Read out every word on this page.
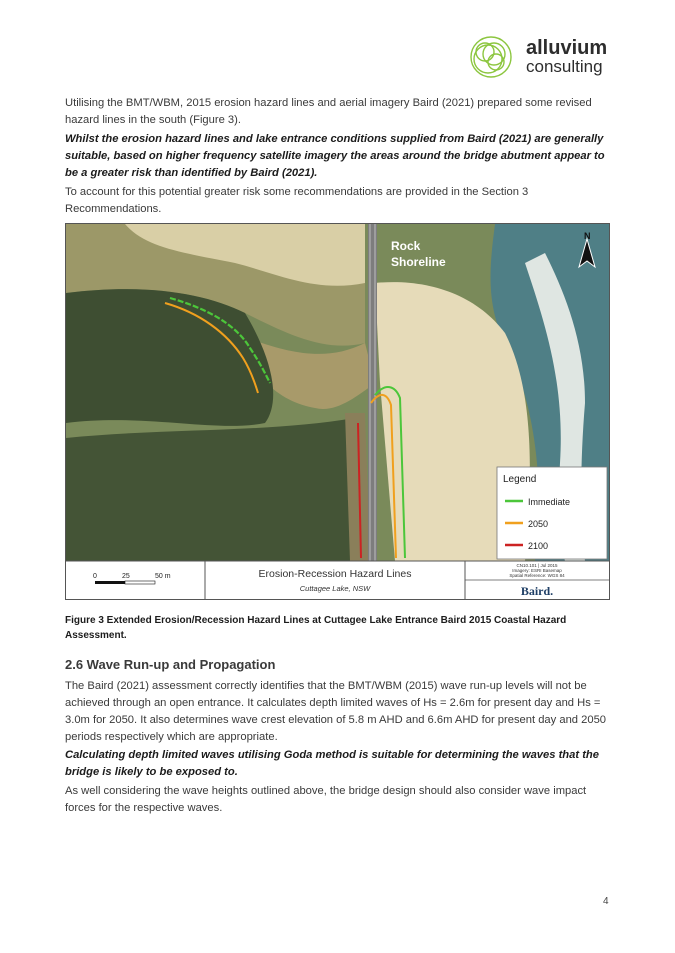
alluvium
consulting
Utilising the BMT/WBM, 2015 erosion hazard lines and aerial imagery Baird (2021) prepared some revised hazard lines in the south (Figure 3).
Whilst the erosion hazard lines and lake entrance conditions supplied from Baird (2021) are generally suitable, based on higher frequency satellite imagery the areas around the bridge abutment appear to be a greater risk than identified by Baird (2021).
To account for this potential greater risk some recommendations are provided in the Section 3 Recommendations.
Rock
Shoreline
N
Legend
Immediate
2050
2100
0	25	50 m	Erosion-Recession Hazard Lines
Cuttagee Lake, NSW
CN10.101 | Jul 2015
Imagery: ESRI Basemap
Spatial Reference: WGS 84
Baird.
Figure 3 Extended Erosion/Recession Hazard Lines at Cuttagee Lake Entrance Baird 2015 Coastal Hazard Assessment.
2.6 Wave Run-up and Propagation
The Baird (2021) assessment correctly identifies that the BMT/WBM (2015) wave run-up levels will not be achieved through an open entrance. It calculates depth limited waves of Hs = 2.6m for present day and Hs = 3.0m for 2050. It also determines wave crest elevation of 5.8 m AHD and 6.6m AHD for present day and 2050 periods respectively which are appropriate.
Calculating depth limited waves utilising Goda method is suitable for determining the waves that the bridge is likely to be exposed to.
As well considering the wave heights outlined above, the bridge design should also consider wave impact forces for the respective waves.
4
